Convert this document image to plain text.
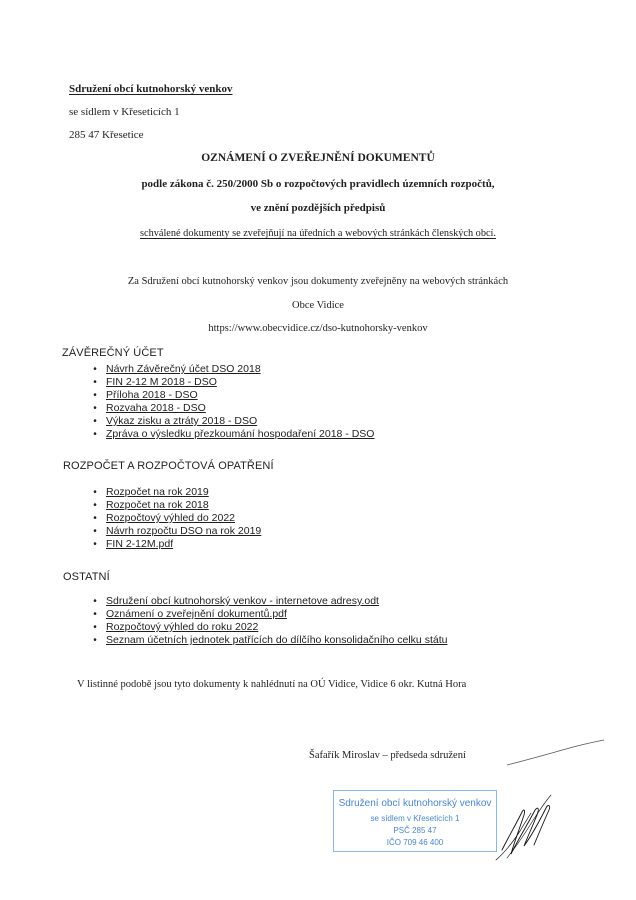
Sdružení obcí kutnohorský venkov
se sídlem v Křeseticích 1
285 47 Křesetice
OZNÁMENÍ O ZVEŘEJNĚNÍ DOKUMENTŮ
podle zákona č. 250/2000 Sb o rozpočtových pravidlech územních rozpočtů,
ve znění pozdějších předpisů
schválené dokumenty se zveřejňují na úředních a webových stránkách členských obcí.
Za Sdružení obcí kutnohorský venkov jsou dokumenty zveřejněny na webových stránkách
Obce Vidice
https://www.obecvidice.cz/dso-kutnohorsky-venkov
ZÁVĚREČNÝ ÚČET
• Návrh Závěrečný účet DSO 2018
• FIN 2-12 M 2018 - DSO
• Příloha 2018 - DSO
• Rozvaha 2018 - DSO
• Výkaz zisku a ztráty 2018 - DSO
• Zpráva o výsledku přezkoumání hospodaření 2018 - DSO
ROZPOČET A ROZPOČTOVÁ OPATŘENÍ
• Rozpočet na rok 2019
• Rozpočet na rok 2018
• Rozpočtový výhled do 2022
• Návrh rozpočtu DSO na rok 2019
• FIN 2-12M.pdf
OSTATNÍ
• Sdružení obcí kutnohorský venkov - internetove adresy.odt
• Oznámení o zveřejnění dokumentů.pdf
• Rozpočtový výhled do roku 2022
• Seznam účetních jednotek patřících do dílčího konsolidačního celku státu
V listinné podobě jsou tyto dokumenty k nahlédnutí na OÚ Vidice, Vidice 6 okr. Kutná Hora
Šafařík Miroslav – předseda sdružení
Sdružení obcí kutnohorský venkov
se sídlem v Křeseticích 1
PSČ 285 47
IČO 709 46 400
